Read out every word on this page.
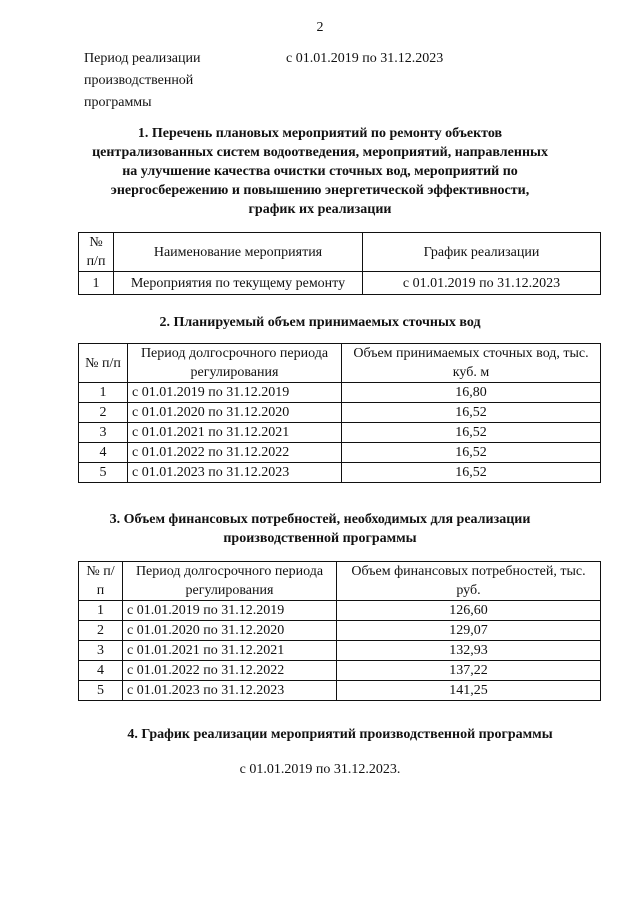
2
Период реализации производственной программы
с 01.01.2019 по 31.12.2023
1. Перечень плановых мероприятий по ремонту объектов централизованных систем водоотведения, мероприятий, направленных на улучшение качества очистки сточных вод, мероприятий по энергосбережению и повышению энергетической эффективности, график их реализации
№ п/п	Наименование мероприятия	График реализации
1	Мероприятия по текущему ремонту	с 01.01.2019 по 31.12.2023
2. Планируемый объем принимаемых сточных вод
№ п/п	Период долгосрочного периода регулирования	Объем принимаемых сточных вод, тыс. куб. м
1	с 01.01.2019 по 31.12.2019	16,80
2	с 01.01.2020 по 31.12.2020	16,52
3	с 01.01.2021 по 31.12.2021	16,52
4	с 01.01.2022 по 31.12.2022	16,52
5	с 01.01.2023 по 31.12.2023	16,52
3. Объем финансовых потребностей, необходимых для реализации производственной программы
№ п/п	Период долгосрочного периода регулирования	Объем финансовых потребностей, тыс. руб.
1	с 01.01.2019 по 31.12.2019	126,60
2	с 01.01.2020 по 31.12.2020	129,07
3	с 01.01.2021 по 31.12.2021	132,93
4	с 01.01.2022 по 31.12.2022	137,22
5	с 01.01.2023 по 31.12.2023	141,25
4. График реализации мероприятий производственной программы
с 01.01.2019 по 31.12.2023.
